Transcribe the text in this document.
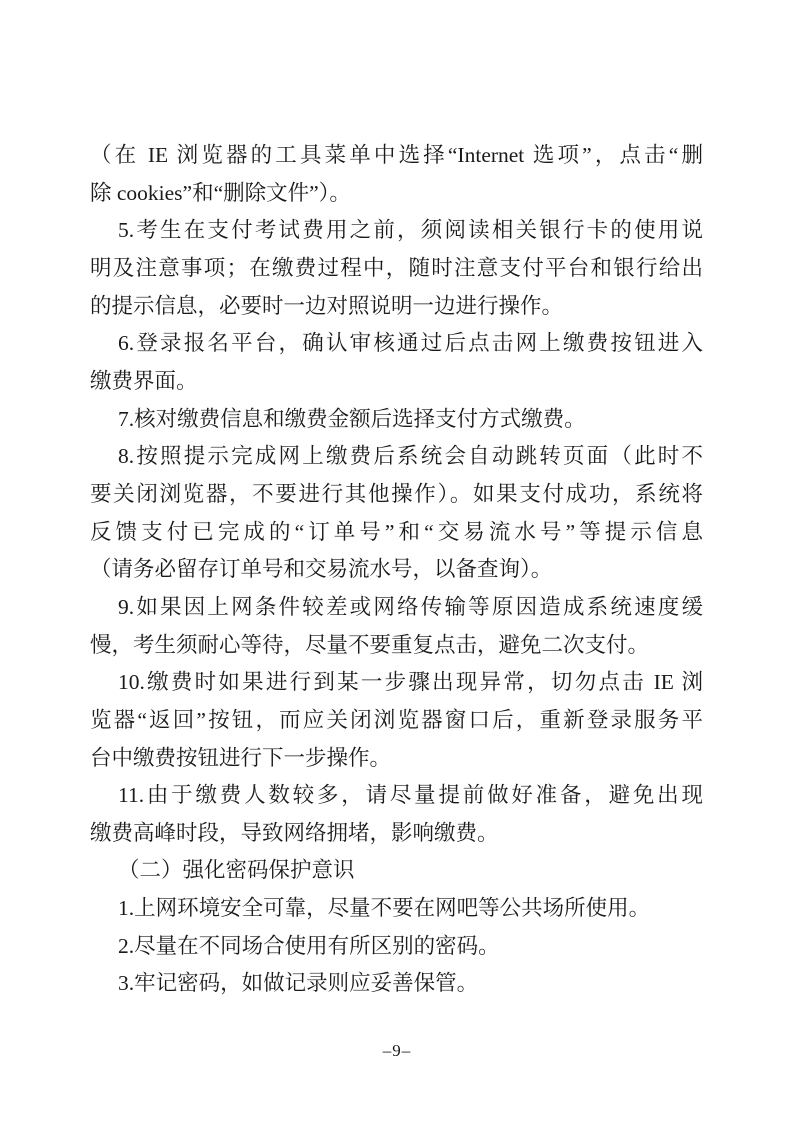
（在 IE 浏览器的工具菜单中选择“Internet 选项”，点击“删
除 cookies”和“删除文件”）。
5.考生在支付考试费用之前，须阅读相关银行卡的使用说
明及注意事项；在缴费过程中，随时注意支付平台和银行给出
的提示信息，必要时一边对照说明一边进行操作。
6.登录报名平台，确认审核通过后点击网上缴费按钮进入
缴费界面。
7.核对缴费信息和缴费金额后选择支付方式缴费。
8.按照提示完成网上缴费后系统会自动跳转页面（此时不
要关闭浏览器，不要进行其他操作）。如果支付成功，系统将
反馈支付已完成的“订单号”和“交易流水号”等提示信息
（请务必留存订单号和交易流水号，以备查询）。
9.如果因上网条件较差或网络传输等原因造成系统速度缓
慢，考生须耐心等待，尽量不要重复点击，避免二次支付。
10.缴费时如果进行到某一步骤出现异常，切勿点击 IE 浏
览器“返回”按钮，而应关闭浏览器窗口后，重新登录服务平
台中缴费按钮进行下一步操作。
11.由于缴费人数较多，请尽量提前做好准备，避免出现
缴费高峰时段，导致网络拥堵，影响缴费。
（二）强化密码保护意识
1.上网环境安全可靠，尽量不要在网吧等公共场所使用。
2.尽量在不同场合使用有所区别的密码。
3.牢记密码，如做记录则应妥善保管。
–9–
